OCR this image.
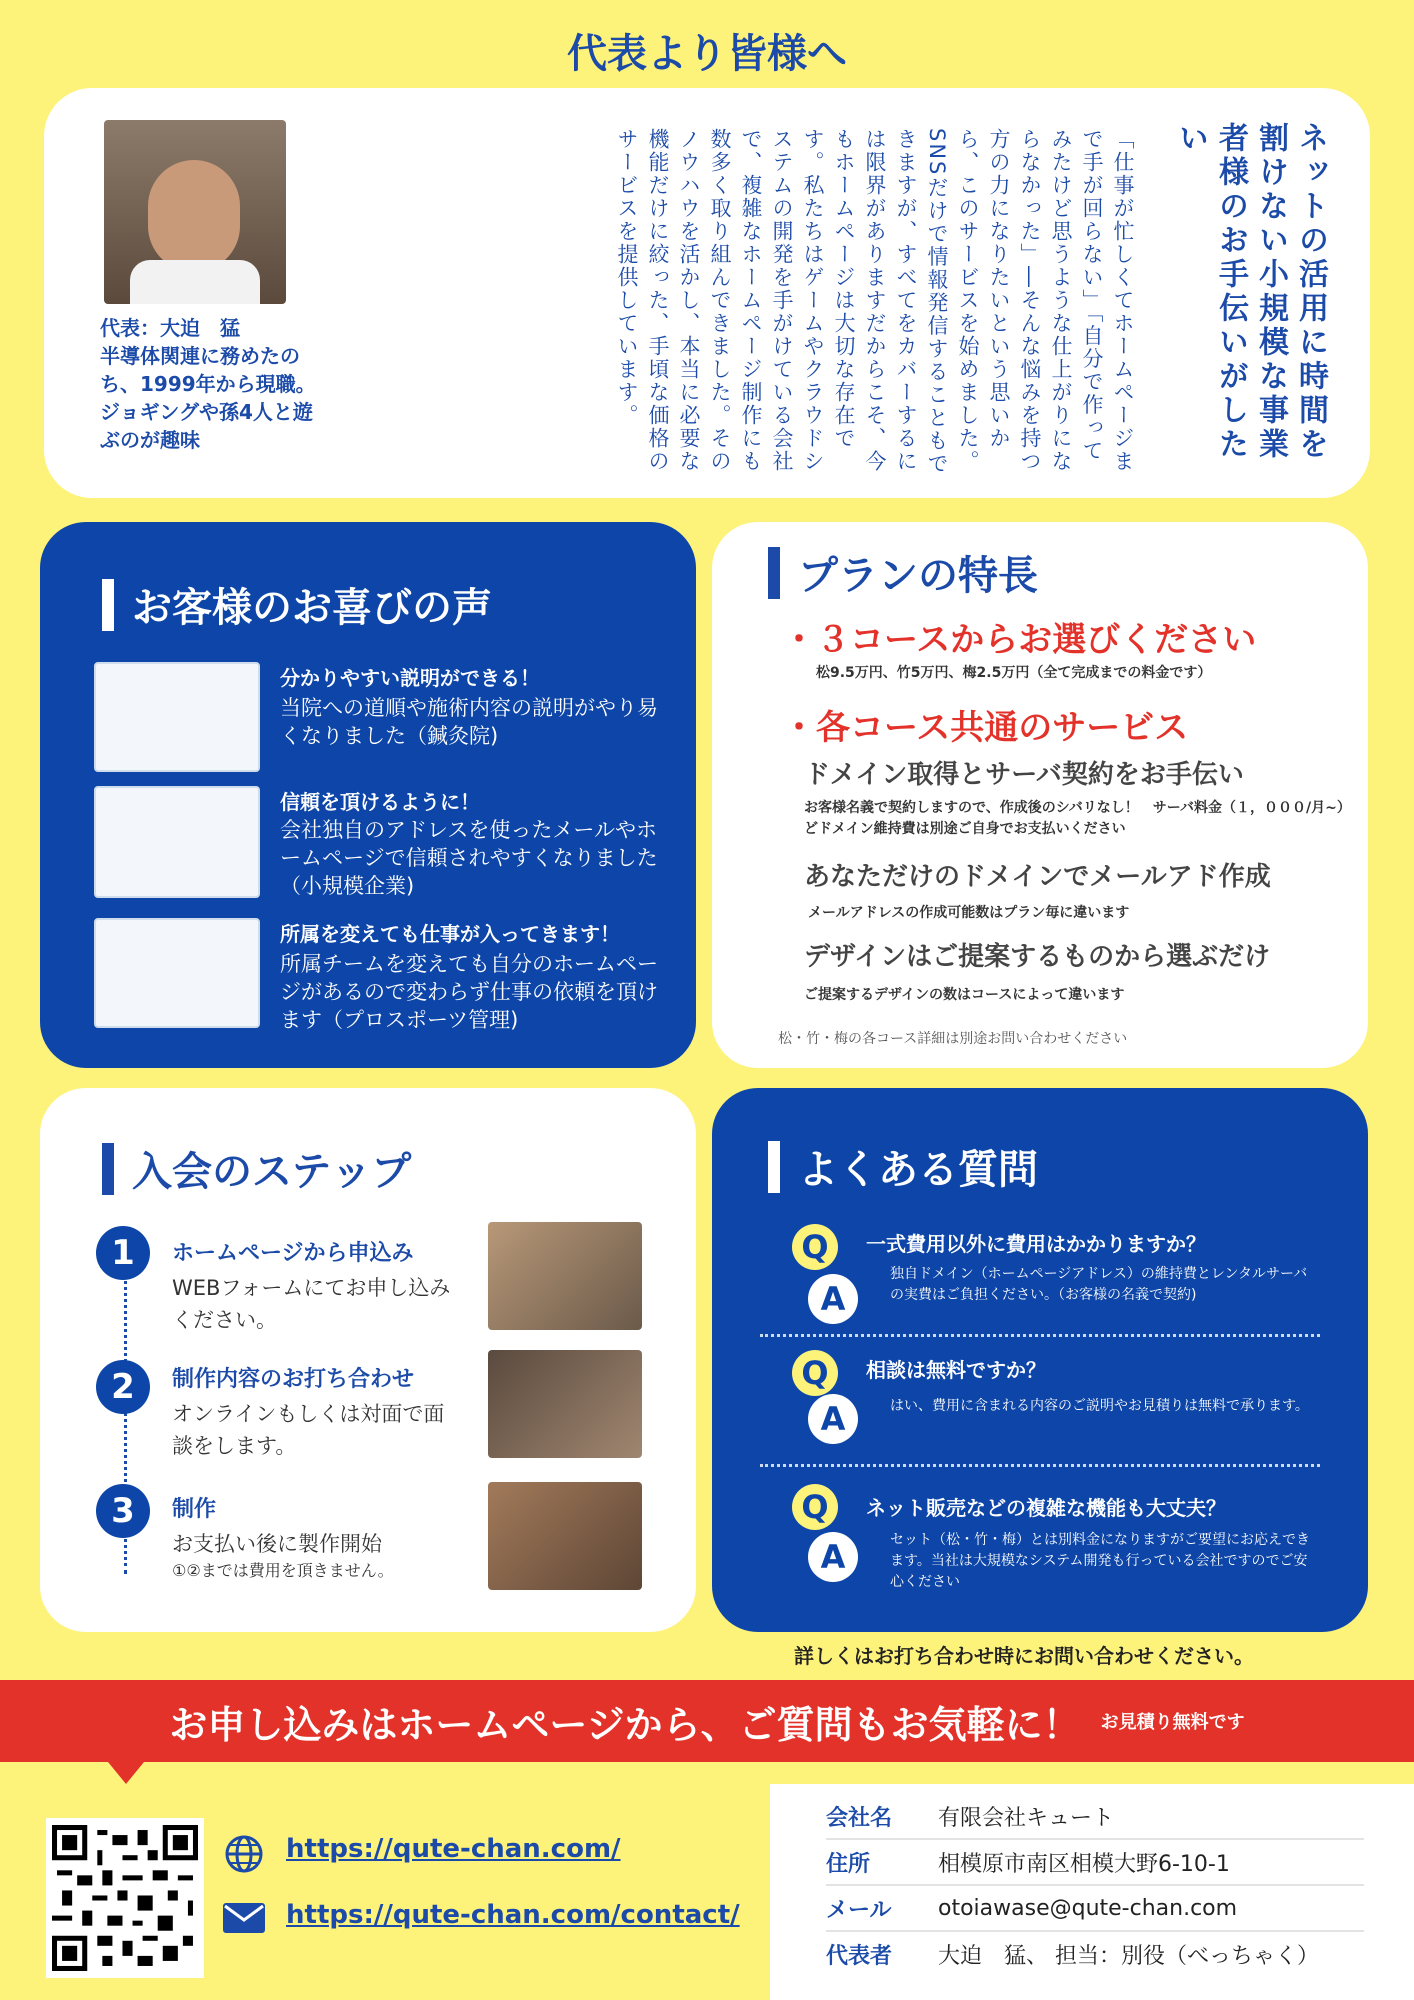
代表より皆様へ
ネットの活用に時間を割けない小規模な事業者様のお手伝いがしたい
「仕事が忙しくてホームページまで手が回らない」「自分で作ってみたけど思うような仕上がりにならなかった」―そんな悩みを持つ方の力になりたいという思いから、このサービスを始めました。SNSだけで情報発信することもできますが、すべてをカバーするには限界がありますだからこそ、今もホームページは大切な存在です。私たちはゲームやクラウドシステムの開発を手がけている会社で、複雑なホームページ制作にも数多く取り組んできました。そのノウハウを活かし、本当に必要な機能だけに絞った、手頃な価格のサービスを提供しています。
代表：大迫　猛
半導体関連に務めたのち、1999年から現職。ジョギングや孫4人と遊ぶのが趣味
お客様のお喜びの声
分かりやすい説明ができる！
当院への道順や施術内容の説明がやり易くなりました（鍼灸院)
信頼を頂けるように！
会社独自のアドレスを使ったメールやホームページで信頼されやすくなりました（小規模企業)
所属を変えても仕事が入ってきます！
所属チームを変えても自分のホームページがあるので変わらず仕事の依頼を頂けます（プロスポーツ管理)
プランの特長
・３コースからお選びください
松9.5万円、竹5万円、梅2.5万円（全て完成までの料金です）
・各コース共通のサービス
ドメイン取得とサーバ契約をお手伝い
お客様名義で契約しますので、作成後のシバリなし！　サーバ料金（１，０００/月~）どドメイン維持費は別途ご自身でお支払いください
あなただけのドメインでメールアド作成
メールアドレスの作成可能数はプラン毎に違います
デザインはご提案するものから選ぶだけ
ご提案するデザインの数はコースによって違います
松・竹・梅の各コース詳細は別途お問い合わせください
入会のステップ
1	ホームページから申込み
WEBフォームにてお申し込みください。
2	制作内容のお打ち合わせ
オンラインもしくは対面で面談をします。
3	制作
お支払い後に製作開始
①②までは費用を頂きません。
よくある質問
Q	一式費用以外に費用はかかりますか？
A
独自ドメイン（ホームページアドレス）の維持費とレンタルサーバの実費はご負担ください。（お客様の名義で契約)
Q	相談は無料ですか？
A	はい、費用に含まれる内容のご説明やお見積りは無料で承ります。
Q	ネット販売などの複雑な機能も大丈夫？
A	セット（松・竹・梅）とは別料金になりますがご要望にお応えできます。当社は大規模なシステム開発も行っている会社ですのでご安心ください
詳しくはお打ち合わせ時にお問い合わせください。
お申し込みはホームページから、ご質問もお気軽に！ お見積り無料です
https://qute-chan.com/
https://qute-chan.com/contact/
会社名	有限会社キュート
住所	相模原市南区相模大野6-10-1
メール	otoiawase@qute-chan.com
代表者	大迫　猛、 担当：別役（べっちゃく）
